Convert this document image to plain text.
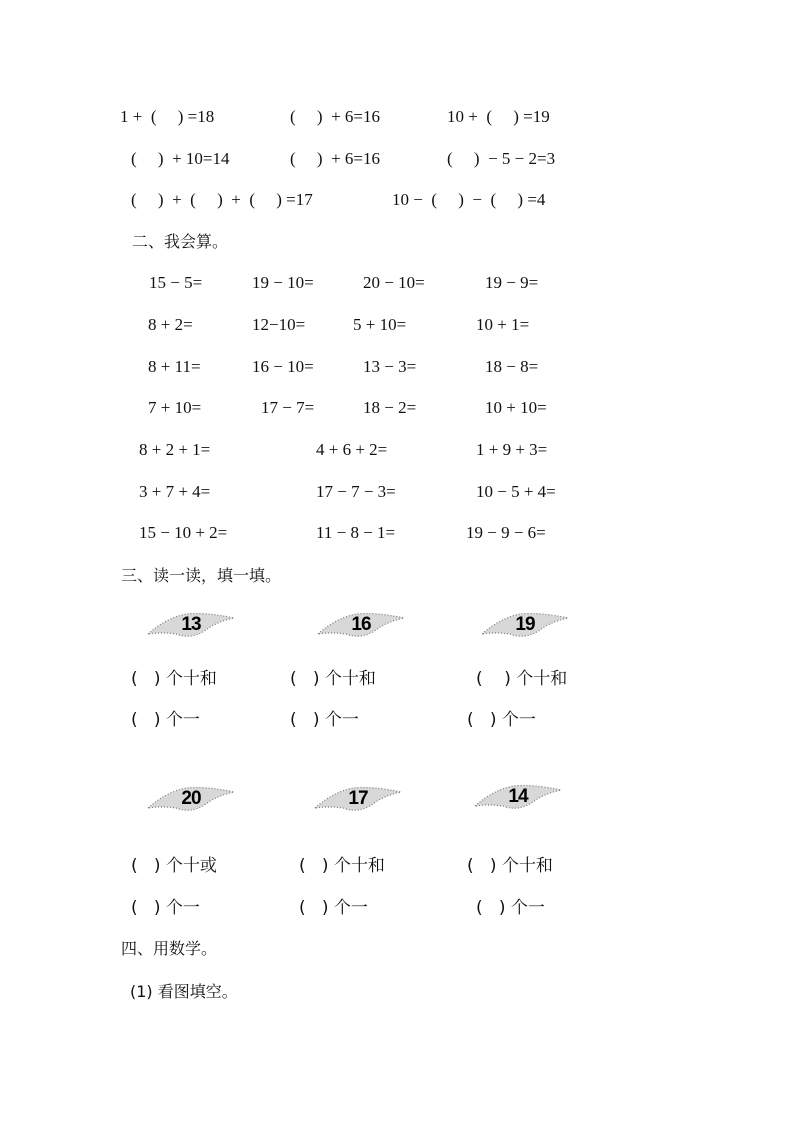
1 +  (     ) =18	(     )  + 6=16	10 +  (     ) =19
(     )  + 10=14	(     )  + 6=16	(     )  − 5 − 2=3
(     )  +  (     )  +  (     ) =17	10 −  (     )  −  (     ) =4
二、我会算。
15 − 5=	19 − 10=	20 − 10=	19 − 9=
8 + 2=	12−10=	5 + 10=	10 + 1=
8 + 11=	16 − 10=	13 − 3=	18 − 8=
7 + 10=	17 − 7=	18 − 2=	10 + 10=
8 + 2 + 1=	4 + 6 + 2=	1 + 9 + 3=
3 + 7 + 4=	17 − 7 − 3=	10 − 5 + 4=
15 − 10 + 2=	11 − 8 − 1=	19 − 9 − 6=
三、读一读，填一填。
13	16	19
(   ) 个十和	(   ) 个十和	(    ) 个十和
(   ) 个一	(   ) 个一	(   ) 个一
20	17	14
(   ) 个十或	(   ) 个十和	(   ) 个十和
(   ) 个一	(   ) 个一	(   ) 个一
四、用数学。
(1) 看图填空。
